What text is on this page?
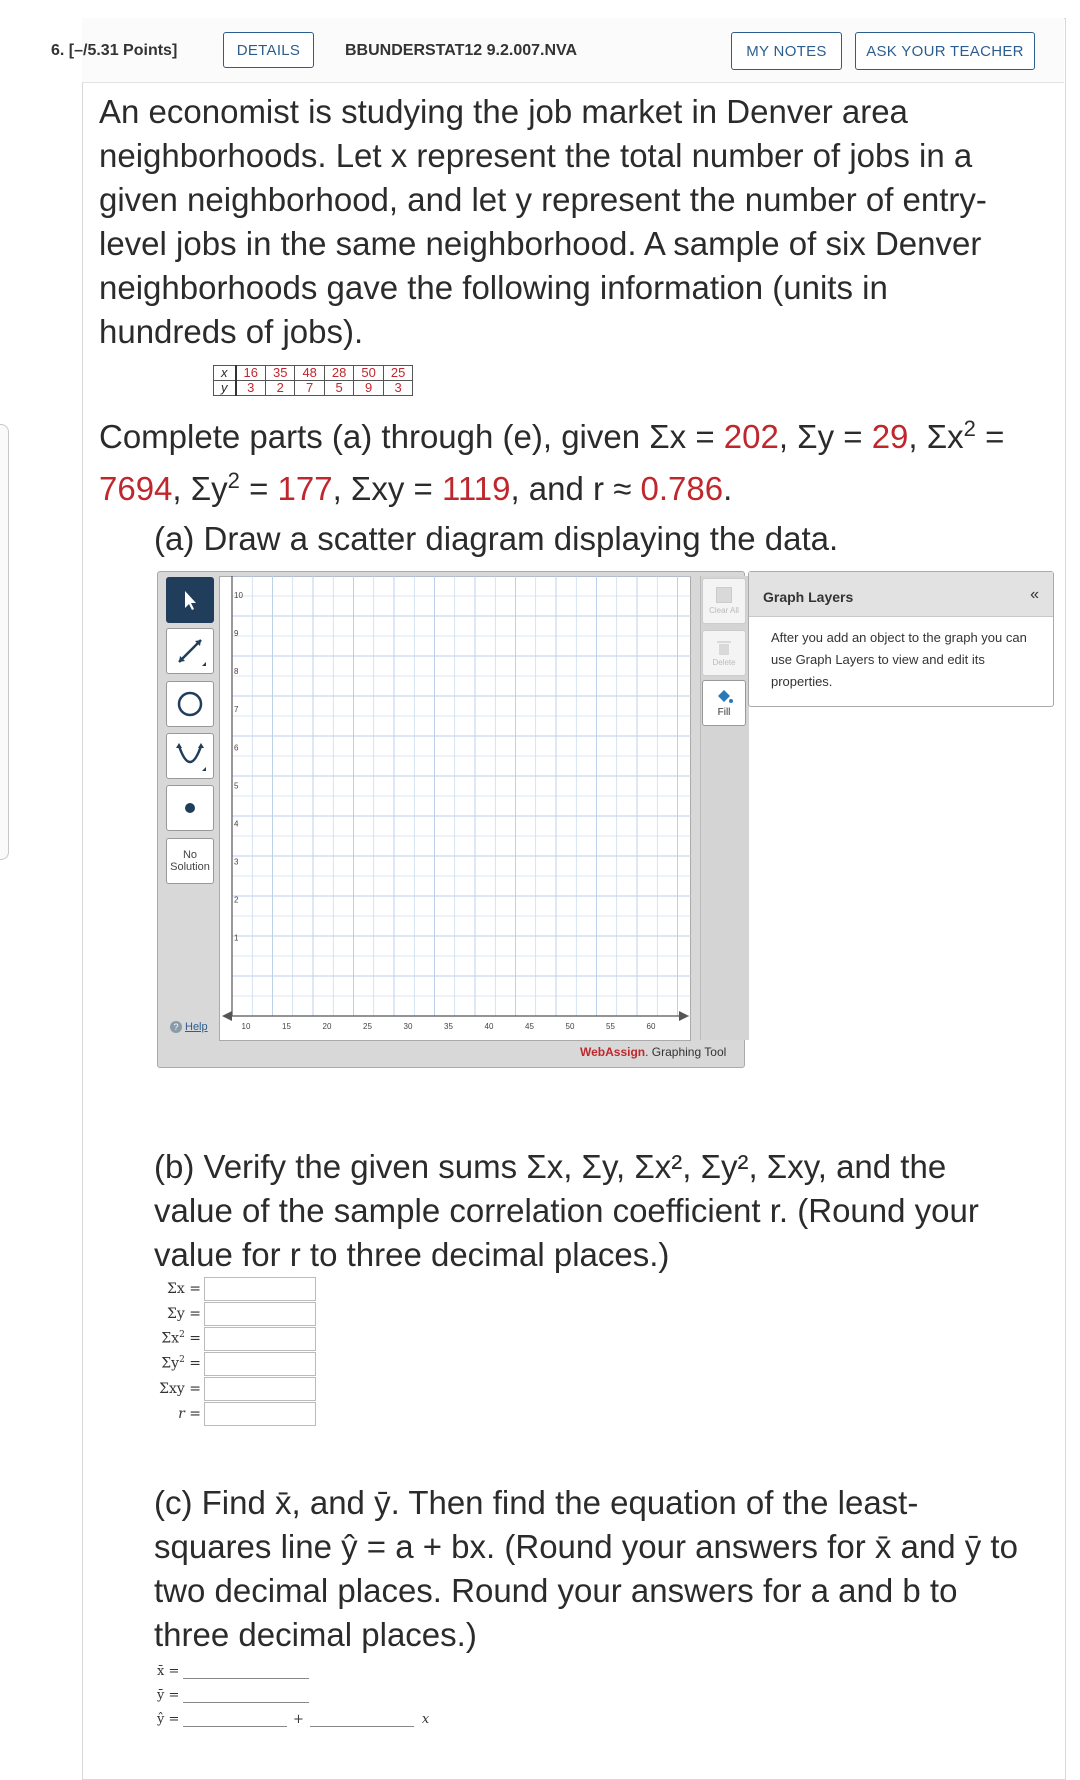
6. [–/5.31 Points]	DETAILS	BBUNDERSTAT12 9.2.007.NVA	MY NOTES	ASK YOUR TEACHER
An economist is studying the job market in Denver area neighborhoods. Let x represent the total number of jobs in a given neighborhood, and let y represent the number of entry-level jobs in the same neighborhood. A sample of six Denver neighborhoods gave the following information (units in hundreds of jobs).
x	16	35	48	28	50	25
y	3	2	7	5	9	3
Complete parts (a) through (e), given Σx = 202, Σy = 29, $\Sigma x^2 = 7694$, $\Sigma y^2 = 177$, Σxy = 1119, and r ≈ 0.786.
(a) Draw a scatter diagram displaying the data.
No Solution
? Help	10	15	20	25	30	35	40	45	50	55	60
10
9
8
7
6
5
4
3
2
1
Clear All
Delete
Fill
WebAssign. Graphing Tool
Graph Layers	«
After you add an object to the graph you can use Graph Layers to view and edit its properties.
(b) Verify the given sums Σx, Σy, Σx², Σy², Σxy, and the value of the sample correlation coefficient r. (Round your value for r to three decimal places.)
Σx =
Σy =
$\Sigma x^2$ =
$\Sigma y^2$ =
Σxy =
r =
(c) Find x̄, and ȳ. Then find the equation of the least-squares line ŷ = a + bx. (Round your answers for x̄ and ȳ to two decimal places. Round your answers for a and b to three decimal places.)
x̄ =
ȳ =
ŷ =	+	x
